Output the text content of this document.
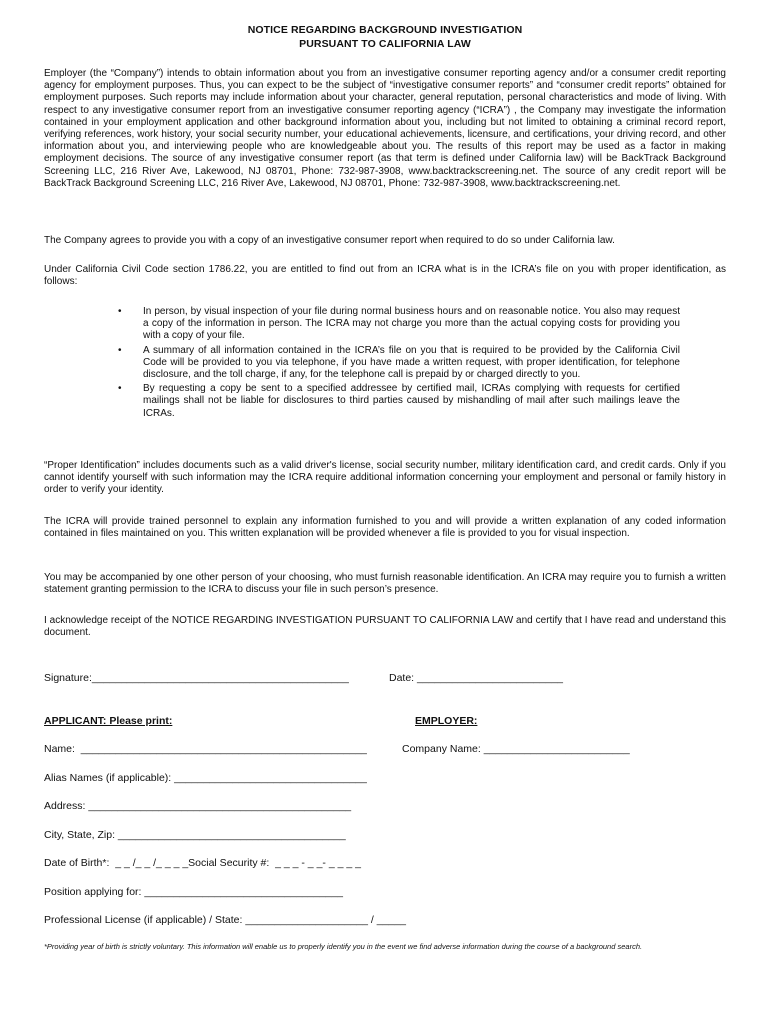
NOTICE REGARDING BACKGROUND INVESTIGATION
PURSUANT TO CALIFORNIA LAW
Employer (the “Company”) intends to obtain information about you from an investigative consumer reporting agency and/or a consumer credit reporting agency for employment purposes. Thus, you can expect to be the subject of “investigative consumer reports” and “consumer credit reports” obtained for employment purposes. Such reports may include information about your character, general reputation, personal characteristics and mode of living. With respect to any investigative consumer report from an investigative consumer reporting agency (“ICRA”) , the Company may investigate the information contained in your employment application and other background information about you, including but not limited to obtaining a criminal record report, verifying references, work history, your social security number, your educational achievements, licensure, and certifications, your driving record, and other information about you, and interviewing people who are knowledgeable about you. The results of this report may be used as a factor in making employment decisions. The source of any investigative consumer report (as that term is defined under California law) will be BackTrack Background Screening LLC, 216 River Ave, Lakewood, NJ 08701, Phone: 732-987-3908, www.backtrackscreening.net. The source of any credit report will be BackTrack Background Screening LLC, 216 River Ave, Lakewood, NJ 08701, Phone: 732-987-3908, www.backtrackscreening.net.
The Company agrees to provide you with a copy of an investigative consumer report when required to do so under California law.
Under California Civil Code section 1786.22, you are entitled to find out from an ICRA what is in the ICRA’s file on you with proper identification, as follows:
• In person, by visual inspection of your file during normal business hours and on reasonable notice. You also may request a copy of the information in person. The ICRA may not charge you more than the actual copying costs for providing you with a copy of your file.
• A summary of all information contained in the ICRA’s file on you that is required to be provided by the California Civil Code will be provided to you via telephone, if you have made a written request, with proper identification, for telephone disclosure, and the toll charge, if any, for the telephone call is prepaid by or charged directly to you.
• By requesting a copy be sent to a specified addressee by certified mail, ICRAs complying with requests for certified mailings shall not be liable for disclosures to third parties caused by mishandling of mail after such mailings leave the ICRAs.
“Proper Identification” includes documents such as a valid driver's license, social security number, military identification card, and credit cards. Only if you cannot identify yourself with such information may the ICRA require additional information concerning your employment and personal or family history in order to verify your identity.
The ICRA will provide trained personnel to explain any information furnished to you and will provide a written explanation of any coded information contained in files maintained on you. This written explanation will be provided whenever a file is provided to you for visual inspection.
You may be accompanied by one other person of your choosing, who must furnish reasonable identification. An ICRA may require you to furnish a written statement granting permission to the ICRA to discuss your file in such person’s presence.
I acknowledge receipt of the NOTICE REGARDING INVESTIGATION PURSUANT TO CALIFORNIA LAW and certify that I have read and understand this document.
Signature:____________________________________________	Date: _________________________
APPLICANT: Please print:	EMPLOYER:
Name:  _________________________________________________	Company Name: _________________________
Alias Names (if applicable): _________________________________
Address: _____________________________________________
City, State, Zip: _______________________________________
Date of Birth*:  _ _ /_ _ /_ _ _ _Social Security #:  _ _ _ - _ _- _ _ _ _
Position applying for: __________________________________
Professional License (if applicable) / State: _____________________ / _____
*Providing year of birth is strictly voluntary. This information will enable us to properly identify you in the event we find adverse information during the course of a background search.
